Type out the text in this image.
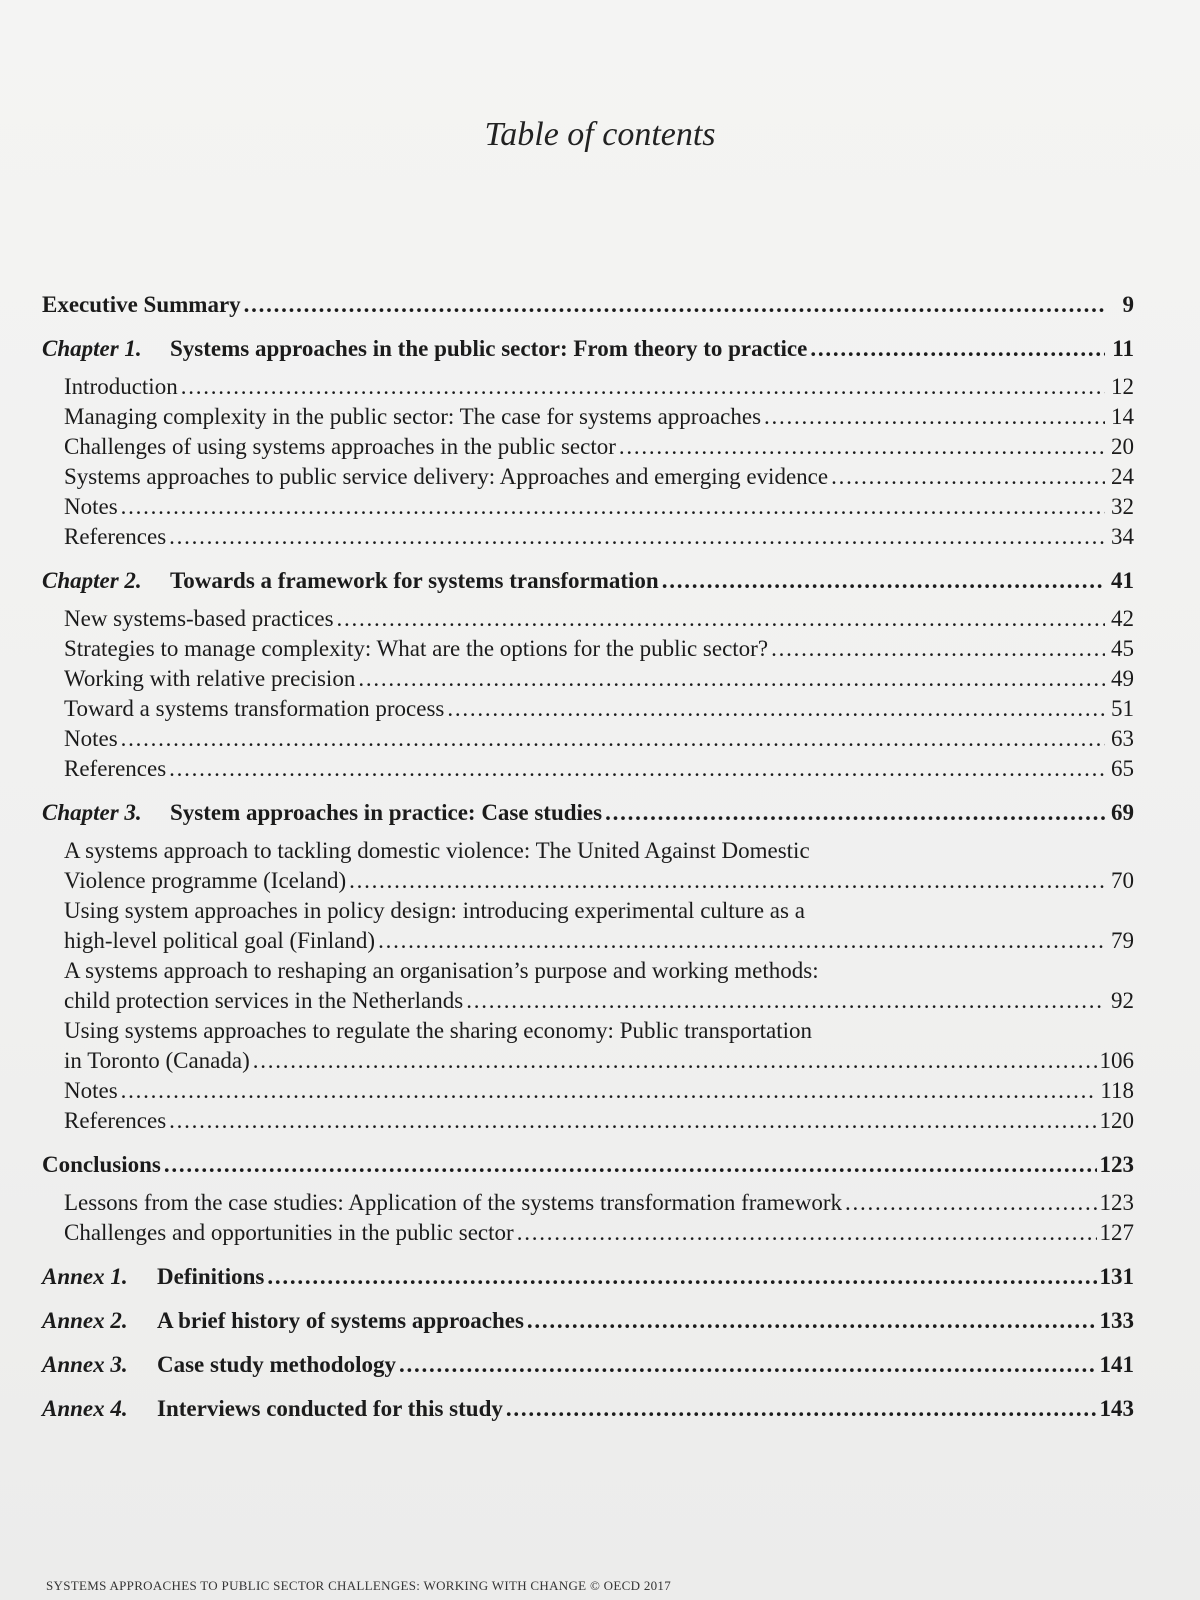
Table of contents
Executive Summary . . .	9
Chapter 1. Systems approaches in the public sector: From theory to practice . . .	11
Introduction . . .	12
Managing complexity in the public sector: The case for systems approaches . . .	14
Challenges of using systems approaches in the public sector . . .	20
Systems approaches to public service delivery: Approaches and emerging evidence . . .	24
Notes . . .	32
References . . .	34
Chapter 2. Towards a framework for systems transformation . . .	41
New systems-based practices . . .	42
Strategies to manage complexity: What are the options for the public sector? . . .	45
Working with relative precision . . .	49
Toward a systems transformation process . . .	51
Notes . . .	63
References . . .	65
Chapter 3. System approaches in practice: Case studies . . .	69
A systems approach to tackling domestic violence: The United Against Domestic
Violence programme (Iceland) . . .	70
Using system approaches in policy design: introducing experimental culture as a
high-level political goal (Finland) . . .	79
A systems approach to reshaping an organisation’s purpose and working methods:
child protection services in the Netherlands . . .	92
Using systems approaches to regulate the sharing economy: Public transportation
in Toronto (Canada) . . .	106
Notes . . .	118
References . . .	120
Conclusions . . .	123
Lessons from the case studies: Application of the systems transformation framework . . .	123
Challenges and opportunities in the public sector . . .	127
Annex 1. Definitions . . .	131
Annex 2. A brief history of systems approaches . . .	133
Annex 3. Case study methodology . . .	141
Annex 4. Interviews conducted for this study . . .	143
SYSTEMS APPROACHES TO PUBLIC SECTOR CHALLENGES: WORKING WITH CHANGE © OECD 2017
